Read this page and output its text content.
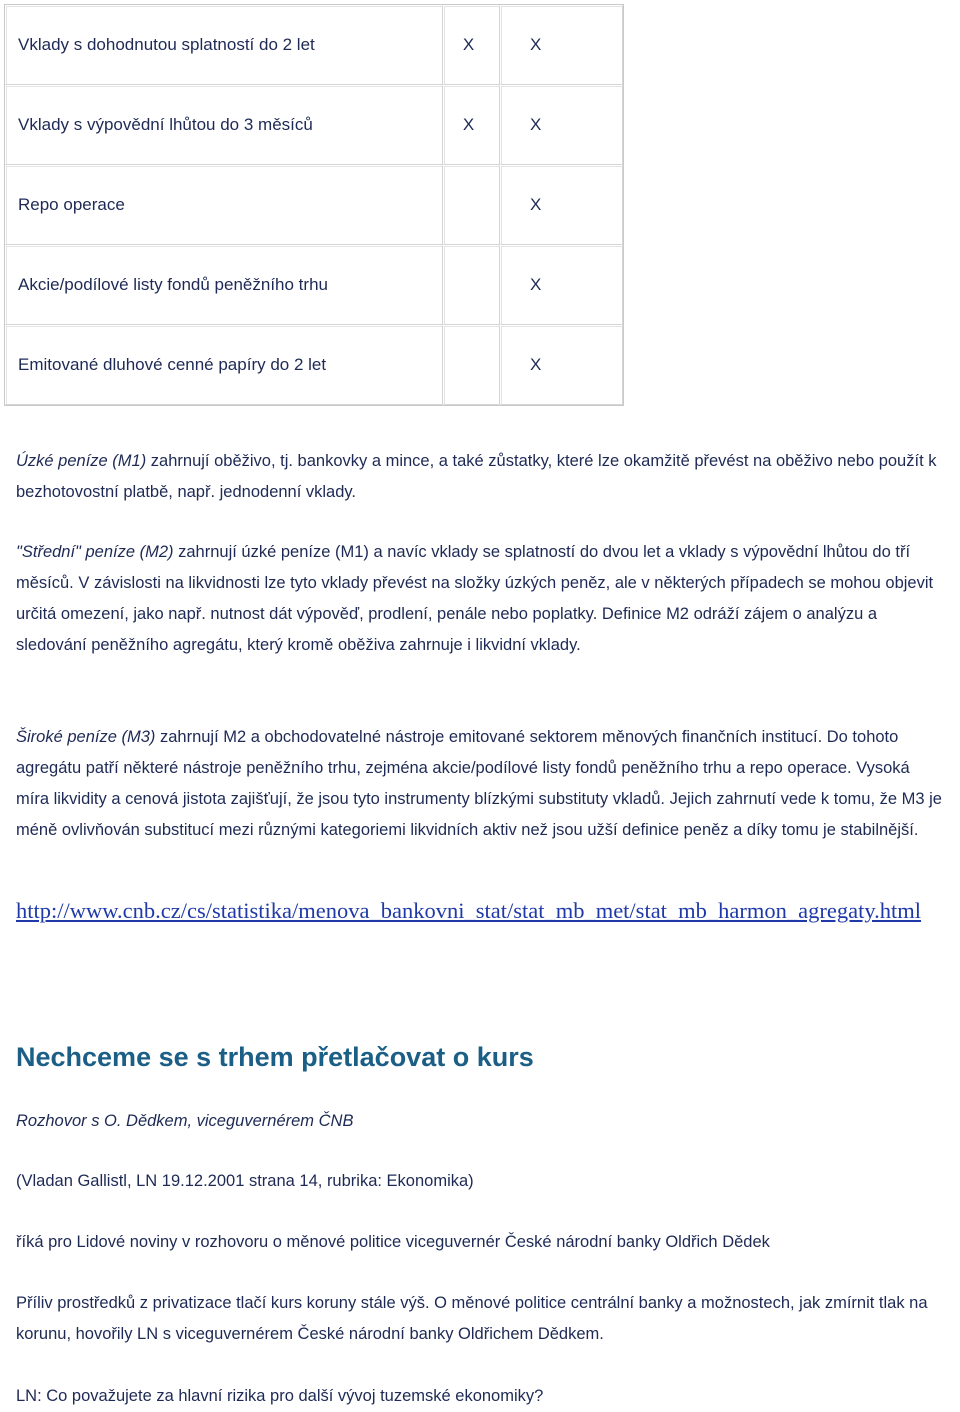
Vklady s dohodnutou splatností do 2 let	X	X
Vklady s výpovědní lhůtou do 3 měsíců	X	X
Repo operace		X
Akcie/podílové listy fondů peněžního trhu		X
Emitované dluhové cenné papíry do 2 let		X

Úzké peníze (M1) zahrnují oběživo, tj. bankovky a mince, a také zůstatky, které lze okamžitě převést na oběživo nebo použít k bezhotovostní platbě, např. jednodenní vklady.

"Střední" peníze (M2) zahrnují úzké peníze (M1) a navíc vklady se splatností do dvou let a vklady s výpovědní lhůtou do tří měsíců. V závislosti na likvidnosti lze tyto vklady převést na složky úzkých peněz, ale v některých případech se mohou objevit určitá omezení, jako např. nutnost dát výpověď, prodlení, penále nebo poplatky. Definice M2 odráží zájem o analýzu a sledování peněžního agregátu, který kromě oběživa zahrnuje i likvidní vklady.

Široké peníze (M3) zahrnují M2 a obchodovatelné nástroje emitované sektorem měnových finančních institucí. Do tohoto agregátu patří některé nástroje peněžního trhu, zejména akcie/podílové listy fondů peněžního trhu a repo operace. Vysoká míra likvidity a cenová jistota zajišťují, že jsou tyto instrumenty blízkými substituty vkladů. Jejich zahrnutí vede k tomu, že M3 je méně ovlivňován substitucí mezi různými kategoriemi likvidních aktiv než jsou užší definice peněz a díky tomu je stabilnější.

http://www.cnb.cz/cs/statistika/menova_bankovni_stat/stat_mb_met/stat_mb_harmon_agregaty.html
Nechceme se s trhem přetlačovat o kurs

Rozhovor s O. Dědkem, viceguvernérem ČNB

(Vladan Gallistl, LN 19.12.2001 strana 14, rubrika: Ekonomika)

říká pro Lidové noviny v rozhovoru o měnové politice viceguvernér České národní banky Oldřich Dědek

Příliv prostředků z privatizace tlačí kurs koruny stále výš. O měnové politice centrální banky a možnostech, jak zmírnit tlak na korunu, hovořily LN s viceguvernérem České národní banky Oldřichem Dědkem.

LN: Co považujete za hlavní rizika pro další vývoj tuzemské ekonomiky?
